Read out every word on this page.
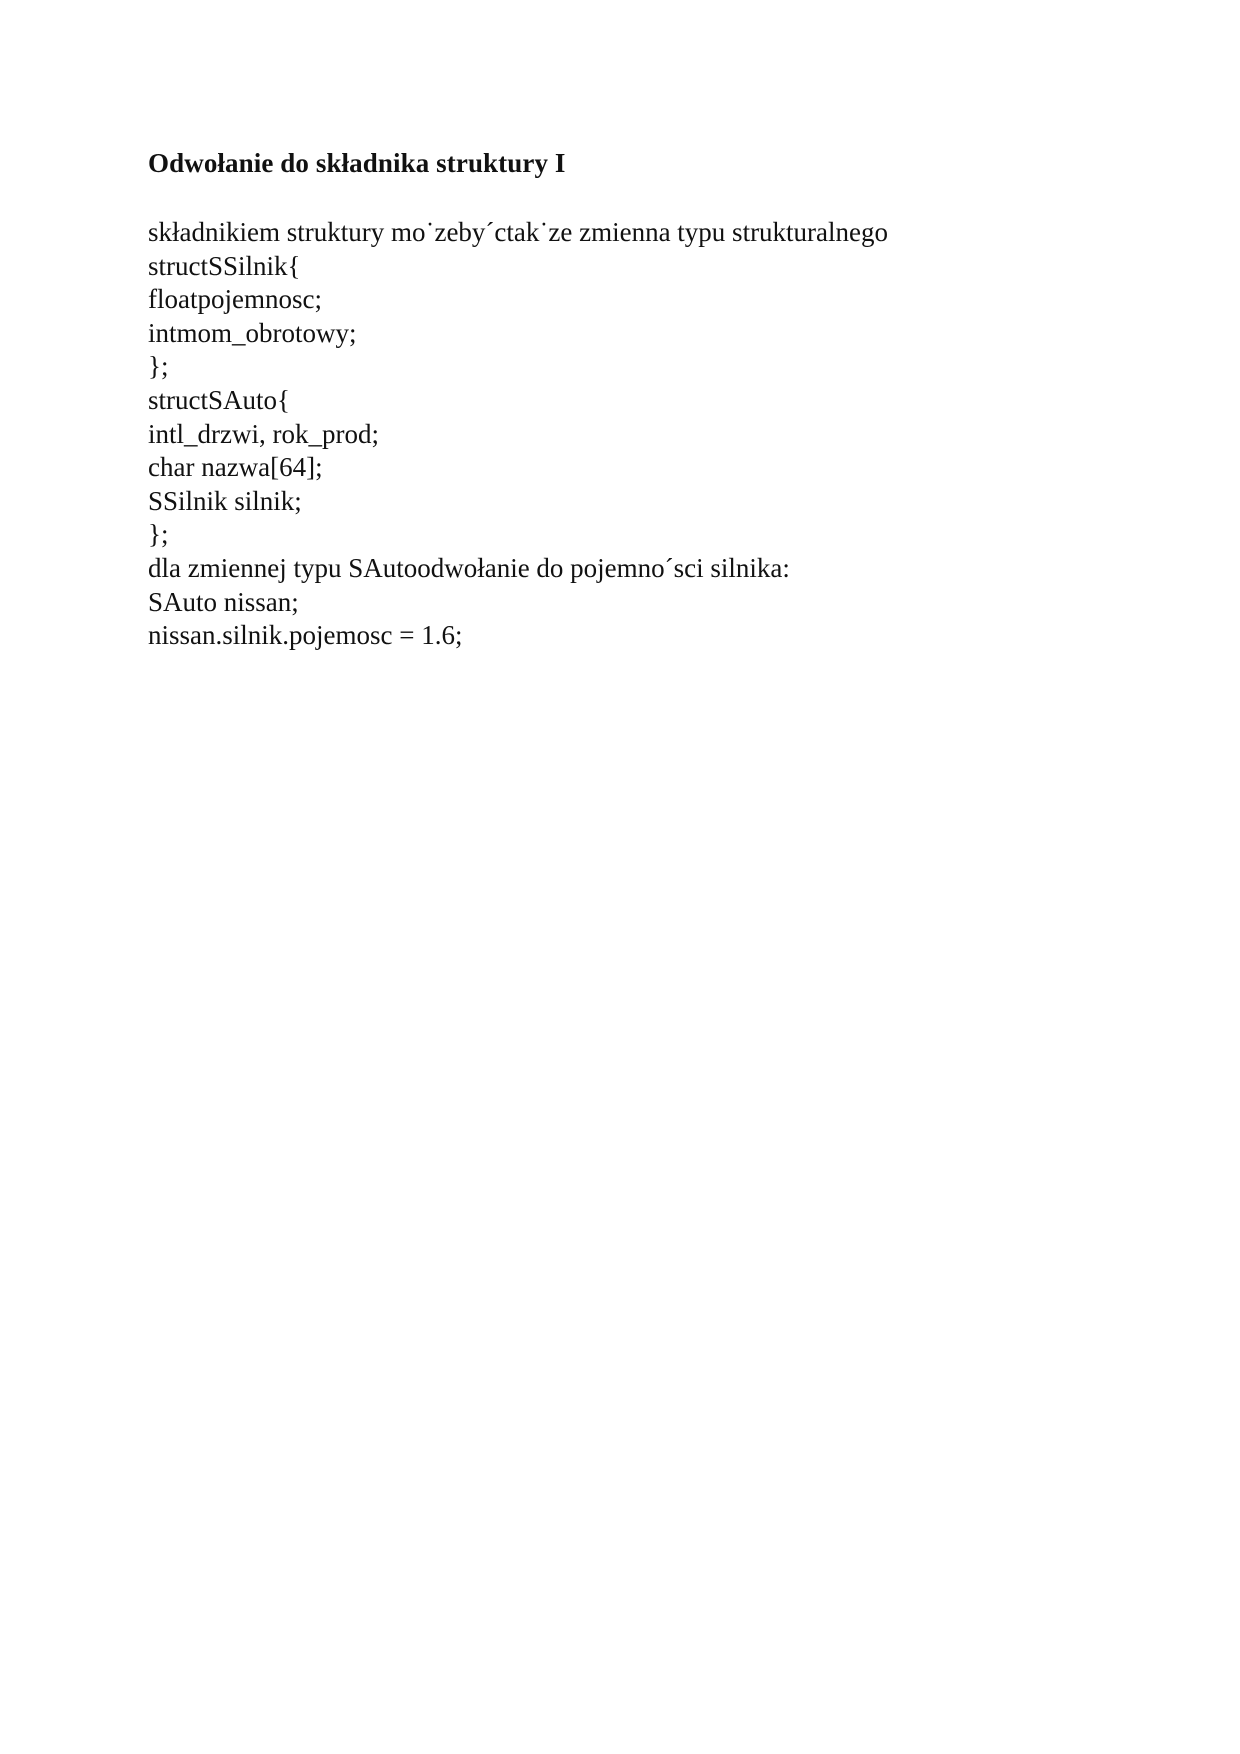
Odwołanie do składnika struktury I
składnikiem struktury mo˙zeby´ctak˙ze zmienna typu strukturalnego
structSSilnik{
floatpojemnosc;
intmom_obrotowy;
};
structSAuto{
intl_drzwi, rok_prod;
char nazwa[64];
SSilnik silnik;
};
dla zmiennej typu SAutoodwołanie do pojemno´sci silnika:
SAuto nissan;
nissan.silnik.pojemosc = 1.6;
